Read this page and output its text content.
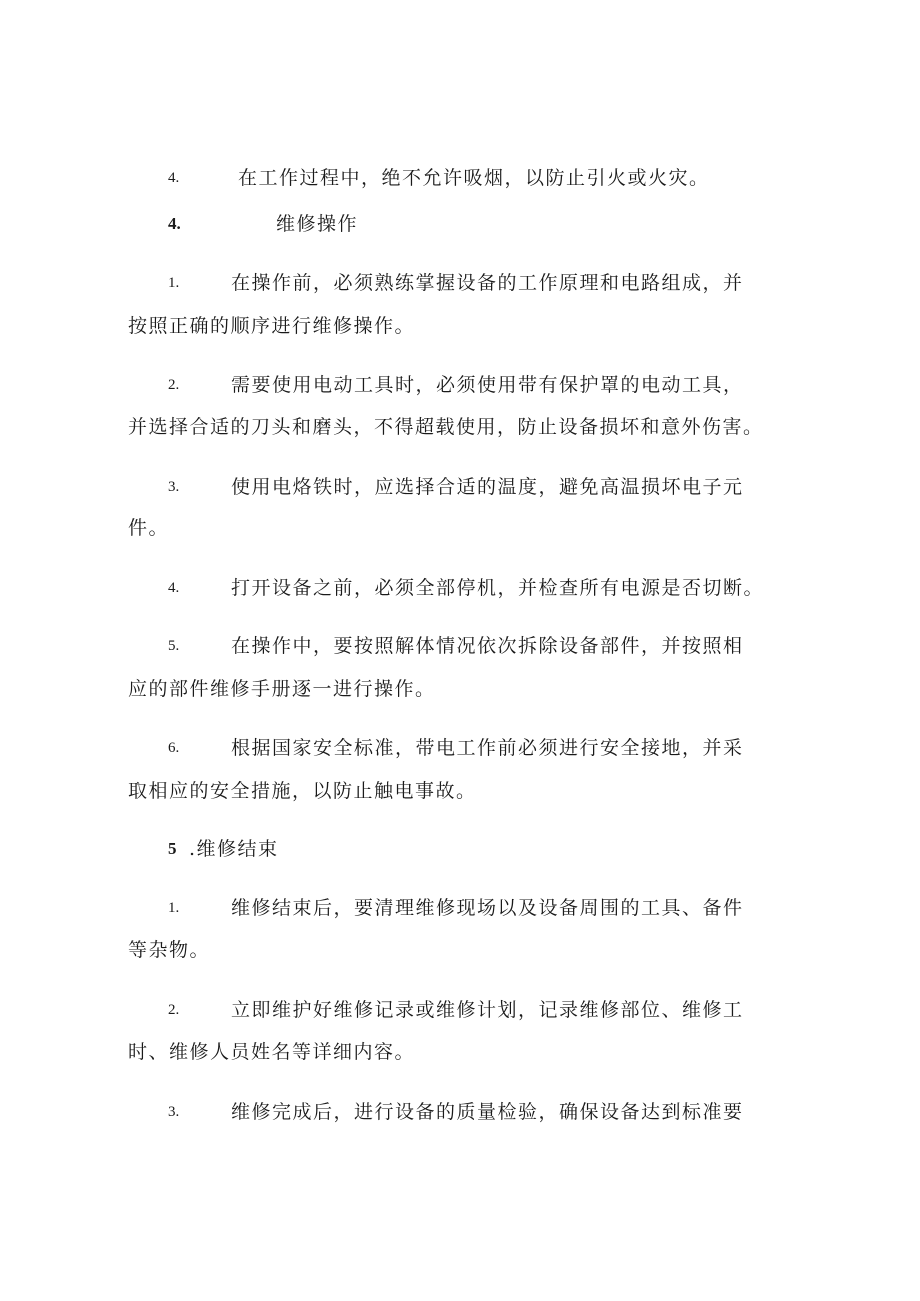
4.	在工作过程中，绝不允许吸烟，以防止引火或火灾。
4.	维修操作
1.	在操作前，必须熟练掌握设备的工作原理和电路组成，并
按照正确的顺序进行维修操作。
2.	需要使用电动工具时，必须使用带有保护罩的电动工具，
并选择合适的刀头和磨头，不得超载使用，防止设备损坏和意外伤害。
3.	使用电烙铁时，应选择合适的温度，避免高温损坏电子元
件。
4.	打开设备之前，必须全部停机，并检查所有电源是否切断。
5.	在操作中，要按照解体情况依次拆除设备部件，并按照相
应的部件维修手册逐一进行操作。
6.	根据国家安全标准，带电工作前必须进行安全接地，并采
取相应的安全措施，以防止触电事故。
5 .维修结束
1.	维修结束后，要清理维修现场以及设备周围的工具、备件
等杂物。
2.	立即维护好维修记录或维修计划，记录维修部位、维修工
时、维修人员姓名等详细内容。
3.	维修完成后，进行设备的质量检验，确保设备达到标准要
